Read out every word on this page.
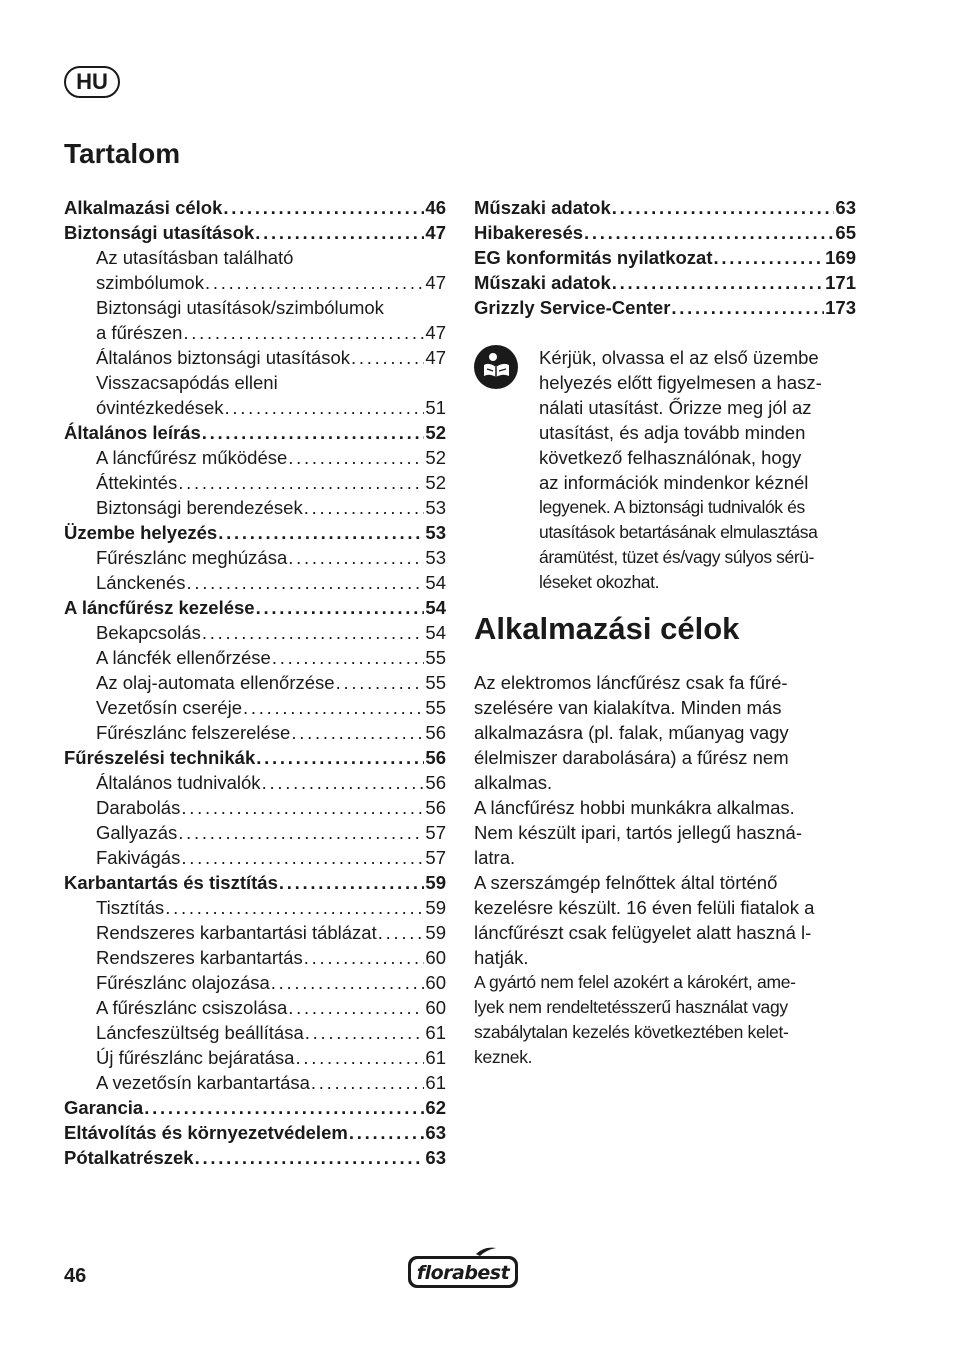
HU
Tartalom
Alkalmazási célok . . .	46
Biztonsági utasítások . . .	47
Az utasításban található
szimbólumok . . .	47
Biztonsági utasítások/szimbólumok
a fűrészen . . .	47
Általános biztonsági utasítások . . .	47
Visszacsapódás elleni
óvintézkedések . . .	51
Általános leírás . . .	52
A láncfűrész működése . . .	52
Áttekintés . . .	52
Biztonsági berendezések . . .	53
Üzembe helyezés . . .	53
Fűrészlánc meghúzása . . .	53
Lánckenés . . .	54
A láncfűrész kezelése . . .	54
Bekapcsolás . . .	54
A láncfék ellenőrzése . . .	55
Az olaj-automata ellenőrzése . . .	55
Vezetősín cseréje . . .	55
Fűrészlánc felszerelése . . .	56
Fűrészelési technikák . . .	56
Általános tudnivalók . . .	56
Darabolás . . .	56
Gallyazás . . .	57
Fakivágás . . .	57
Karbantartás és tisztítás . . .	59
Tisztítás . . .	59
Rendszeres karbantartási táblázat . . .	59
Rendszeres karbantartás . . .	60
Fűrészlánc olajozása . . .	60
A fűrészlánc csiszolása . . .	60
Láncfeszültség beállítása . . .	61
Új fűrészlánc bejáratása . . .	61
A vezetősín karbantartása . . .	61
Garancia . . .	62
Eltávolítás és környezetvédelem . . .	63
Pótalkatrészek . . .	63
Műszaki adatok . . .	63
Hibakeresés . . .	65
EG konformitás nyilatkozat . . .	169
Műszaki adatok . . .	171
Grizzly Service-Center . . .	173
Kérjük, olvassa el az első üzembe
helyezés előtt figyelmesen a hasz-
nálati utasítást. Őrizze meg jól az
utasítást, és adja tovább minden
következő felhasználónak, hogy
az információk mindenkor kéznél
legyenek. A biztonsági tudnivalók és
utasítások betartásának elmulasztása
áramütést, tüzet és/vagy súlyos sérü-
léseket okozhat.
Alkalmazási célok
Az elektromos láncfűrész csak fa fűré-
szelésére van kialakítva. Minden más
alkalmazásra (pl. falak, műanyag vagy
élelmiszer darabolására) a fűrész nem
alkalmas.
A láncfűrész hobbi munkákra alkalmas.
Nem készült ipari, tartós jellegű haszná-
latra.
A szerszámgép felnőttek által történő
kezelésre készült. 16 éven felüli fiatalok a
láncfűrészt csak felügyelet alatt haszná l-
hatják.
A gyártó nem felel azokért a károkért, ame-
lyek nem rendeltetésszerű használat vagy
szabálytalan kezelés következtében kelet-
keznek.
46	florabest
